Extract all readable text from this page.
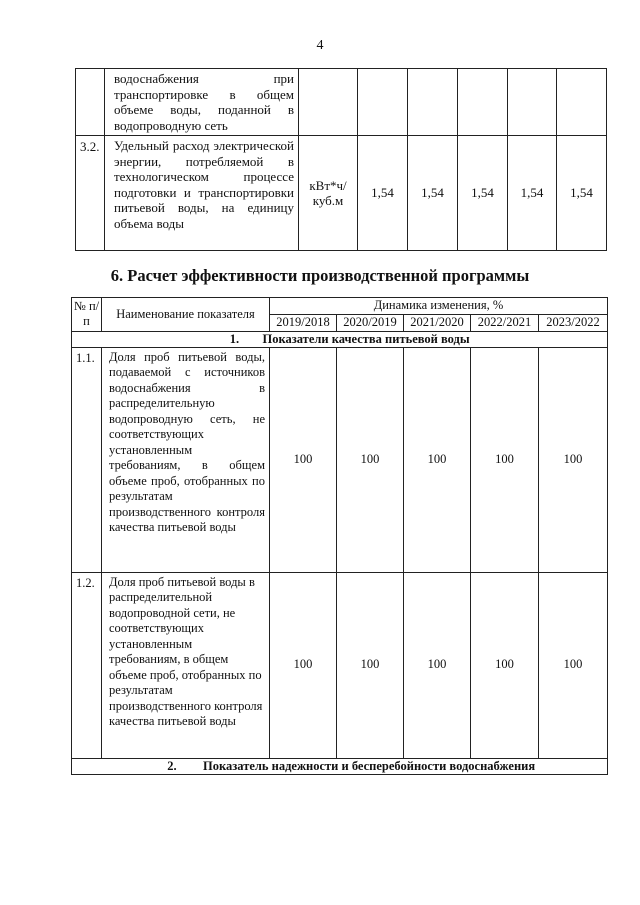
4
	водоснабжения при транспортировке в общем объеме воды, поданной в водопроводную сеть						
3.2.	Удельный расход электрической энергии, потребляемой в технологическом процессе подготовки и транспортировки питьевой воды, на единицу объема воды	кВт*ч/ куб.м	1,54	1,54	1,54	1,54	1,54
6. Расчет эффективности производственной программы
№ п/п	Наименование показателя	Динамика изменения, %				
		2019/2018	2020/2019	2021/2020	2022/2021	2023/2022
1. Показатели качества питьевой воды						
1.1.	Доля проб питьевой воды, подаваемой с источников водоснабжения в распределительную водопроводную сеть, не соответствующих установленным требованиям, в общем объеме проб, отобранных по результатам производственного контроля качества питьевой воды	100	100	100	100	100
1.2.	Доля проб питьевой воды в распределительной водопроводной сети, не соответствующих установленным требованиям, в общем объеме проб, отобранных по результатам производственного контроля качества питьевой воды	100	100	100	100	100
2. Показатель надежности и бесперебойности водоснабжения						
